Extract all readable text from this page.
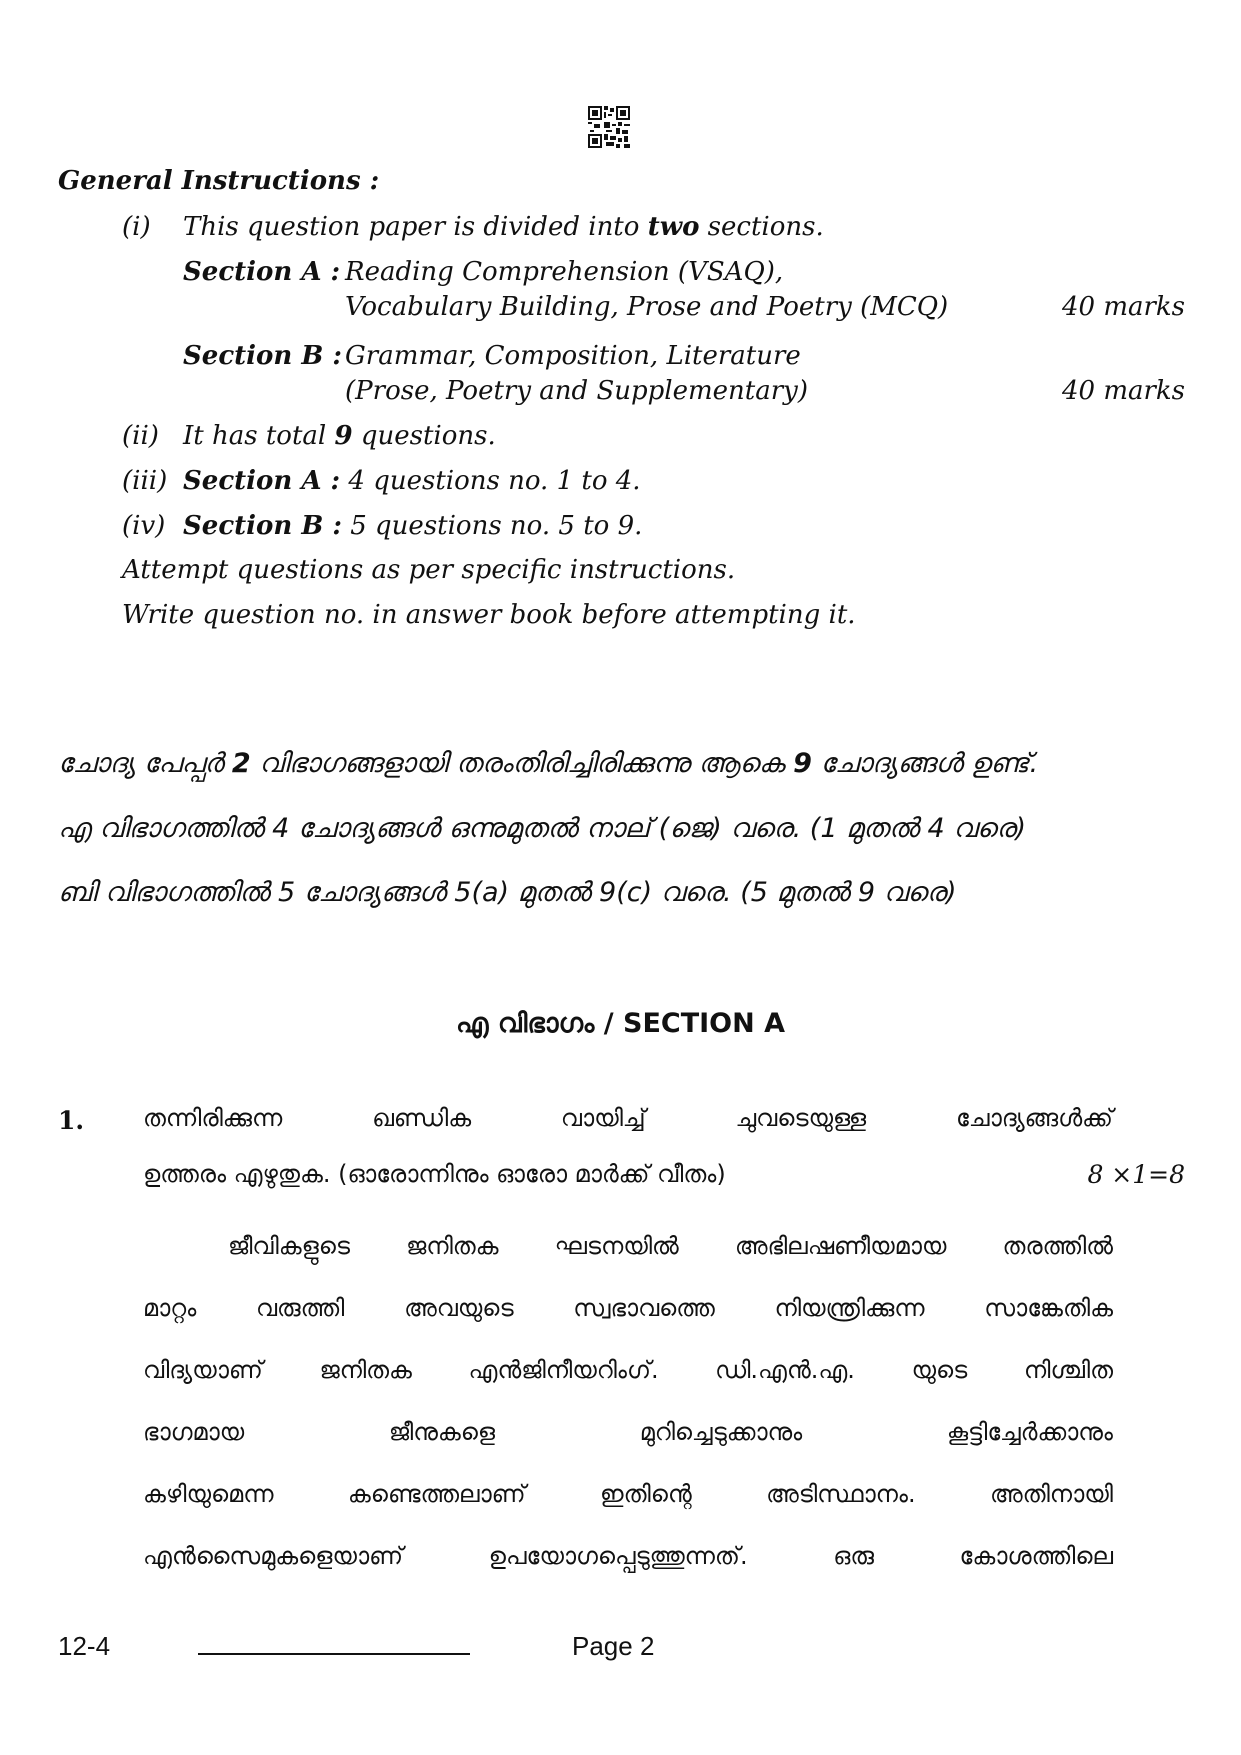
General Instructions :
(i) This question paper is divided into two sections.
Section A : Reading Comprehension (VSAQ),
Vocabulary Building, Prose and Poetry (MCQ)	40 marks
Section B : Grammar, Composition, Literature
(Prose, Poetry and Supplementary)	40 marks
(ii) It has total 9 questions.
(iii) Section A : 4 questions no. 1 to 4.
(iv) Section B : 5 questions no. 5 to 9.
Attempt questions as per specific instructions.
Write question no. in answer book before attempting it.
ചോദ്യ പേപ്പർ 2 വിഭാഗങ്ങളായി തരംതിരിച്ചിരിക്കുന്നു ആകെ 9 ചോദ്യങ്ങൾ ഉണ്ട്.
എ വിഭാഗത്തിൽ 4 ചോദ്യങ്ങൾ ഒന്നുമുതൽ നാല് (ജെ) വരെ. (1 മുതൽ 4 വരെ)
ബി വിഭാഗത്തിൽ 5 ചോദ്യങ്ങൾ 5(a) മുതൽ 9(c) വരെ. (5 മുതൽ 9 വരെ)
എ വിഭാഗം / SECTION A
1. തന്നിരിക്കുന്ന ഖണ്ഡിക വായിച്ച് ചുവടെയുള്ള ചോദ്യങ്ങൾക്ക്
ഉത്തരം എഴുതുക. (ഓരോന്നിനും ഓരോ മാർക്ക് വീതം)	8 ×1=8
ജീവികളുടെ ജനിതക ഘടനയിൽ അഭിലഷണീയമായ തരത്തിൽ
മാറ്റം വരുത്തി അവയുടെ സ്വഭാവത്തെ നിയന്ത്രിക്കുന്ന സാങ്കേതിക
വിദ്യയാണ് ജനിതക എൻജിനീയറിംഗ്. ഡി.എൻ.എ. യുടെ നിശ്ചിത
ഭാഗമായ ജീനുകളെ മുറിച്ചെടുക്കാനും കൂട്ടിച്ചേർക്കാനും
കഴിയുമെന്ന കണ്ടെത്തലാണ് ഇതിന്റെ അടിസ്ഥാനം. അതിനായി
എൻസൈമുകളെയാണ് ഉപയോഗപ്പെടുത്തുന്നത്. ഒരു കോശത്തിലെ
12-4	Page 2
